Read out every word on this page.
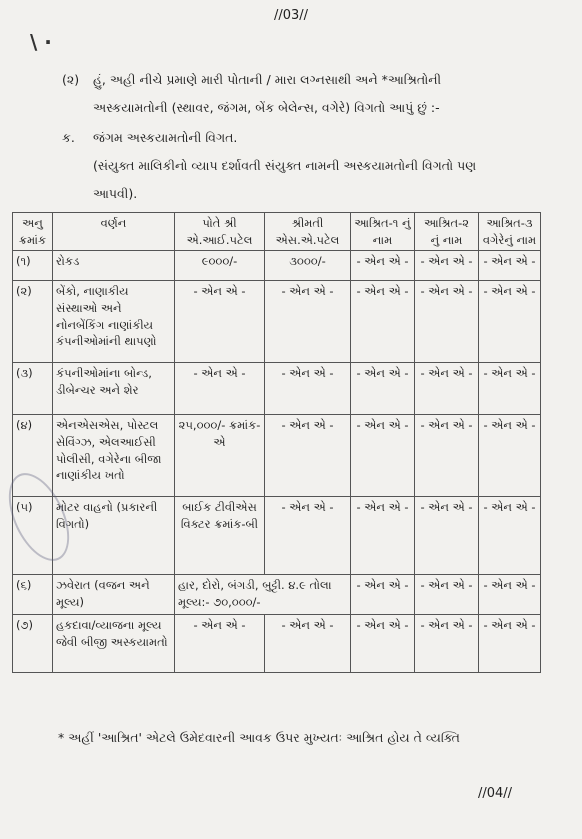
//03//
\ ·
(૨) હું, અહી નીચે પ્રમાણે મારી પોતાની / મારા લગ્નસાથી અને *આશ્રિતોની
અસ્કયામતોની (સ્થાવર, જંગમ, બેંક બેલેન્સ, વગેરે) વિગતો આપું છું :-
ક. જંગમ અસ્કયામતોની વિગત.
(સંયુક્ત માલિકીનો વ્યાપ દર્શાવતી સંયુક્ત નામની અસ્કયામતોની વિગતો પણ
આપવી).
અનુ ક્રમાંક	વર્ણન	પોતે શ્રી એ.આઈ.પટેલ	શ્રીમતી એસ.એ.પટેલ	આશ્રિત-૧ નું નામ	આશ્રિત-૨ નું નામ	આશ્રિત-૩ વગેરેનું નામ
(૧)	રોકડ	૯૦૦૦/-	૩૦૦૦/-	- એન એ -	- એન એ -	- એન એ -
(૨)	બેંકો, નાણાકીય સંસ્થાઓ અને નોનબેંકિંગ નાણાંકીય કંપનીઓમાંની થાપણો	- એન એ -	- એન એ -	- એન એ -	- એન એ -	- એન એ -
(૩)	કંપનીઓમાંના બોન્ડ, ડીબેન્ચર અને શેર	- એન એ -	- એન એ -	- એન એ -	- એન એ -	- એન એ -
(૪)	એનએસએસ, પોસ્ટલ સેવિંગ્ઝ, એલઆઈસી પોલીસી, વગેરેના બીજા નાણાંકીય ખતો	૨૫,૦૦૦/- ક્રમાંક-એ	- એન એ -	- એન એ -	- એન એ -	- એન એ -
(૫)	મોટર વાહનો (પ્રકારની વિગતો)	બાઈક ટીવીએસ વિક્ટર ક્રમાંક-બી	- એન એ -	- એન એ -	- એન એ -	- એન એ -
(૬)	ઝવેરાત (વજન અને મૂલ્ય)	હાર, દોરો, બંગડી, બુટ્ટી. ૪.૯ તોલા મૂલ્ય:- ૭૦,૦૦૦/-		- એન એ -	- એન એ -	- એન એ -
(૭)	હકદાવા/વ્યાજના મૂલ્ય જેવી બીજી અસ્કયામતો	- એન એ -	- એન એ -	- એન એ -	- એન એ -	- એન એ -
* અહીં 'આશ્રિત' એટલે ઉમેદવારની આવક ઉપર મુખ્યતઃ આશ્રિત હોય તે વ્યક્તિ
//04//
